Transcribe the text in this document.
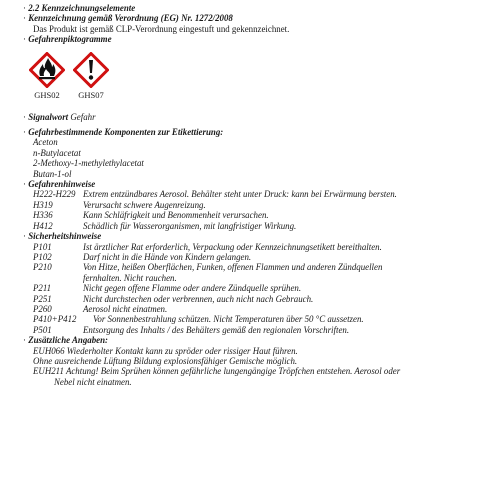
· 2.2 Kennzeichnungselemente
· Kennzeichnung gemäß Verordnung (EG) Nr. 1272/2008
Das Produkt ist gemäß CLP-Verordnung eingestuft und gekennzeichnet.
· Gefahrenpiktogramme
GHS02	GHS07
· Signalwort Gefahr
· Gefahrbestimmende Komponenten zur Etikettierung:
Aceton
n-Butylacetat
2-Methoxy-1-methylethylacetat
Butan-1-ol
· Gefahrenhinweise
H222-H229 Extrem entzündbares Aerosol. Behälter steht unter Druck: kann bei Erwärmung bersten.
H319	Verursacht schwere Augenreizung.
H336	Kann Schläfrigkeit und Benommenheit verursachen.
H412	Schädlich für Wasserorganismen, mit langfristiger Wirkung.
· Sicherheitshinweise
P101	Ist ärztlicher Rat erforderlich, Verpackung oder Kennzeichnungsetikett bereithalten.
P102	Darf nicht in die Hände von Kindern gelangen.
P210	Von Hitze, heißen Oberflächen, Funken, offenen Flammen und anderen Zündquellen
fernhalten. Nicht rauchen.
P211	Nicht gegen offene Flamme oder andere Zündquelle sprühen.
P251	Nicht durchstechen oder verbrennen, auch nicht nach Gebrauch.
P260	Aerosol nicht einatmen.
P410+P412	Vor Sonnenbestrahlung schützen. Nicht Temperaturen über 50 °C aussetzen.
P501	Entsorgung des Inhalts / des Behälters gemäß den regionalen Vorschriften.
· Zusätzliche Angaben:
EUH066 Wiederholter Kontakt kann zu spröder oder rissiger Haut führen.
Ohne ausreichende Lüftung Bildung explosionsfähiger Gemische möglich.
EUH211 Achtung! Beim Sprühen können gefährliche lungengängige Tröpfchen entstehen. Aerosol oder
Nebel nicht einatmen.
